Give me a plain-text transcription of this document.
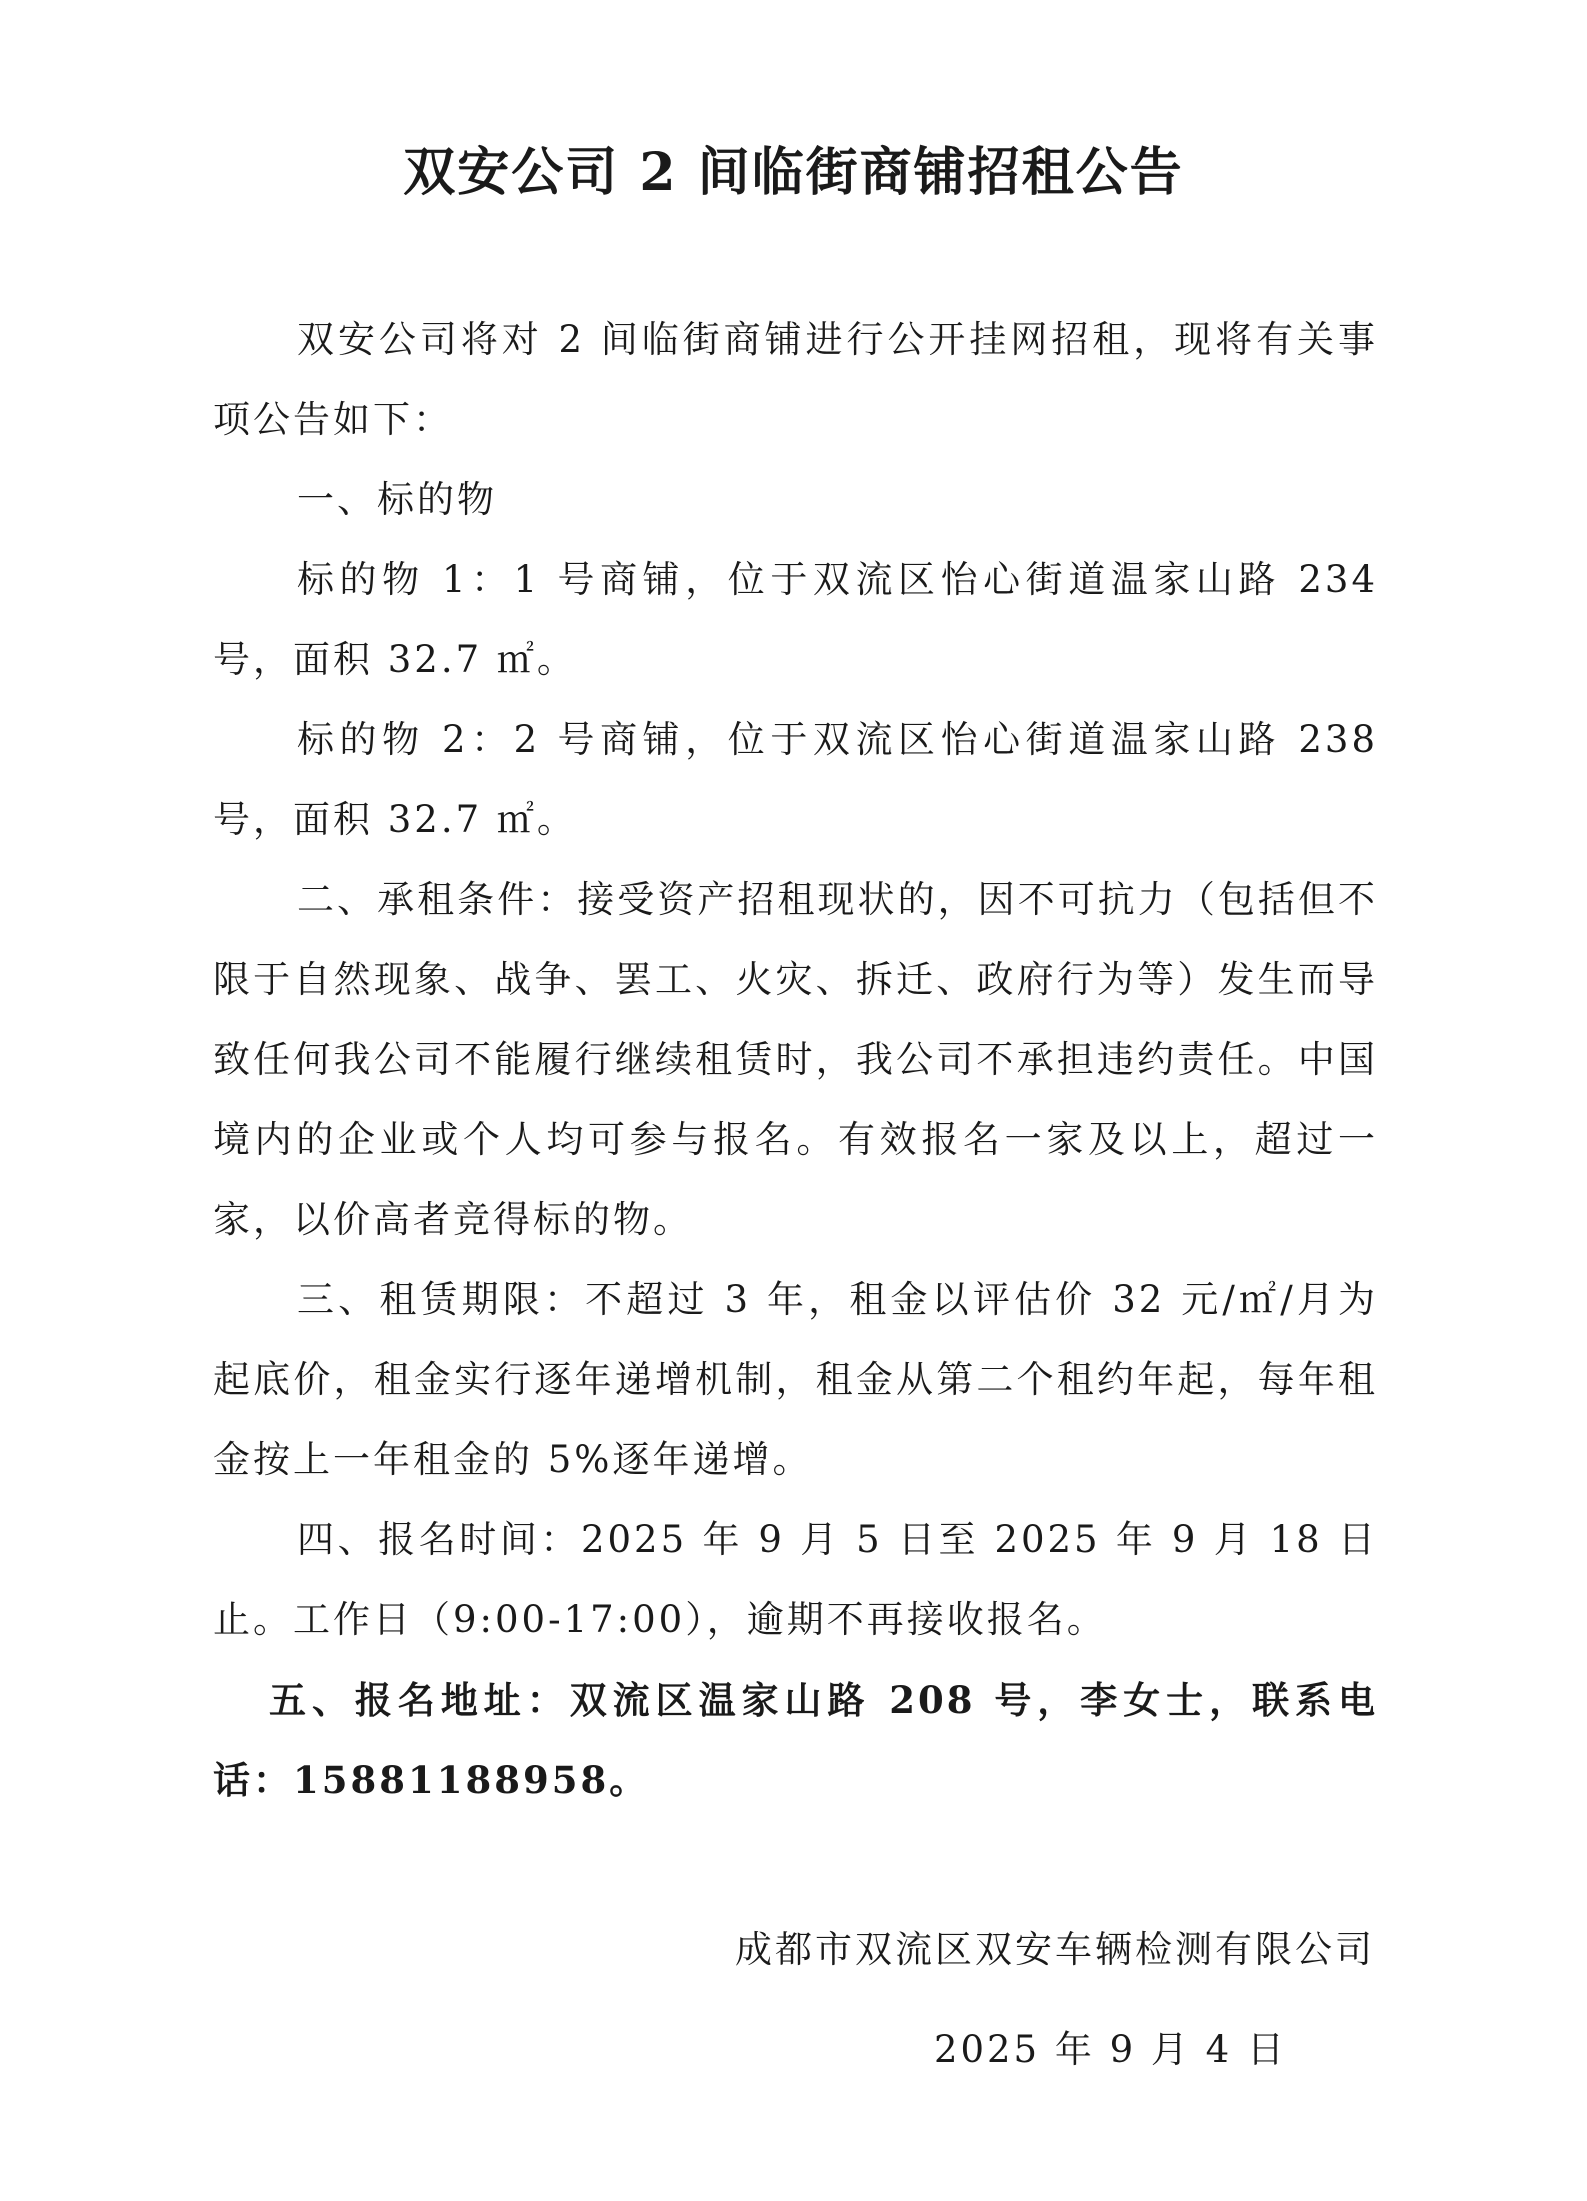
双安公司 2 间临街商铺招租公告

双安公司将对 2 间临街商铺进行公开挂网招租，现将有关事项公告如下：

一、标的物

标的物 1：1 号商铺，位于双流区怡心街道温家山路 234 号，面积 32.7 ㎡。

标的物 2：2 号商铺，位于双流区怡心街道温家山路 238 号，面积 32.7 ㎡。

二、承租条件：接受资产招租现状的，因不可抗力（包括但不限于自然现象、战争、罢工、火灾、拆迁、政府行为等）发生而导致任何我公司不能履行继续租赁时，我公司不承担违约责任。中国境内的企业或个人均可参与报名。有效报名一家及以上，超过一家，以价高者竞得标的物。

三、租赁期限：不超过 3 年，租金以评估价 32 元/㎡/月为起底价，租金实行逐年递增机制，租金从第二个租约年起，每年租金按上一年租金的 5%逐年递增。

四、报名时间：2025 年 9 月 5 日至 2025 年 9 月 18 日止。工作日（9:00-17:00），逾期不再接收报名。

五、报名地址：双流区温家山路 208 号，李女士，联系电话：15881188958。

成都市双流区双安车辆检测有限公司
2025 年 9 月 4 日
